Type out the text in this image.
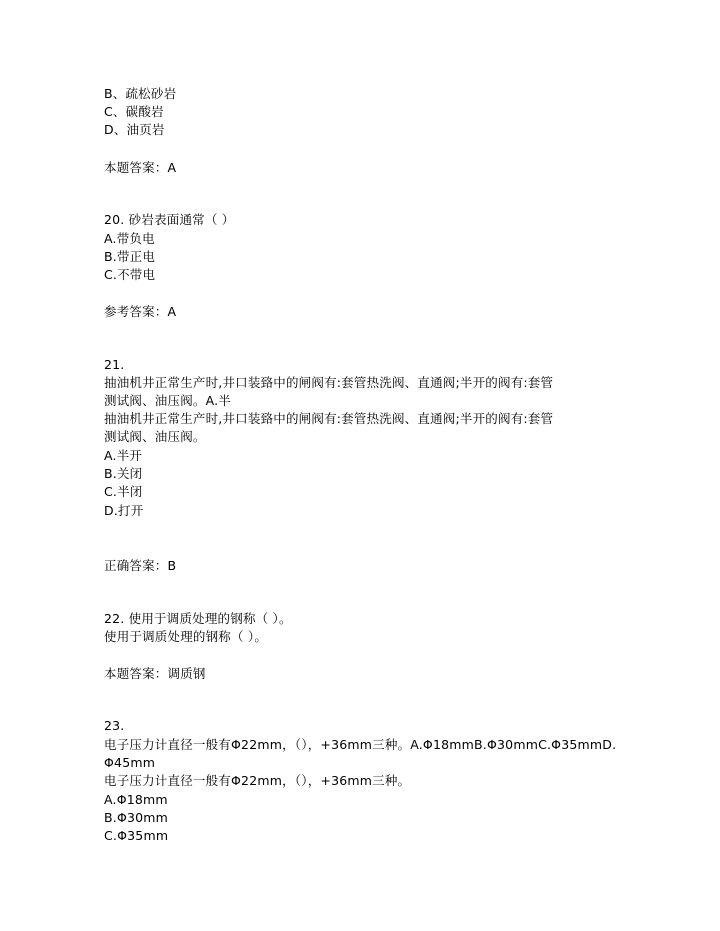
B、疏松砂岩
C、碳酸岩
D、油页岩
本题答案：A
20. 砂岩表面通常（ ）
A.带负电
B.带正电
C.不带电
参考答案：A
21.
抽油机井正常生产时,井口装臵中的闸阀有:套管热洗阀、直通阀;半开的阀有:套管
测试阀、油压阀。A.半
抽油机井正常生产时,井口装臵中的闸阀有:套管热洗阀、直通阀;半开的阀有:套管
测试阀、油压阀。
A.半开
B.关闭
C.半闭
D.打开
正确答案：B
22. 使用于调质处理的钢称（ ）。
使用于调质处理的钢称（ ）。
本题答案：调质钢
23.
电子压力计直径一般有Φ22mm，（），+36mm三种。A.Φ18mmB.Φ30mmC.Φ35mmD.
Φ45mm
电子压力计直径一般有Φ22mm，（），+36mm三种。
A.Φ18mm
B.Φ30mm
C.Φ35mm
